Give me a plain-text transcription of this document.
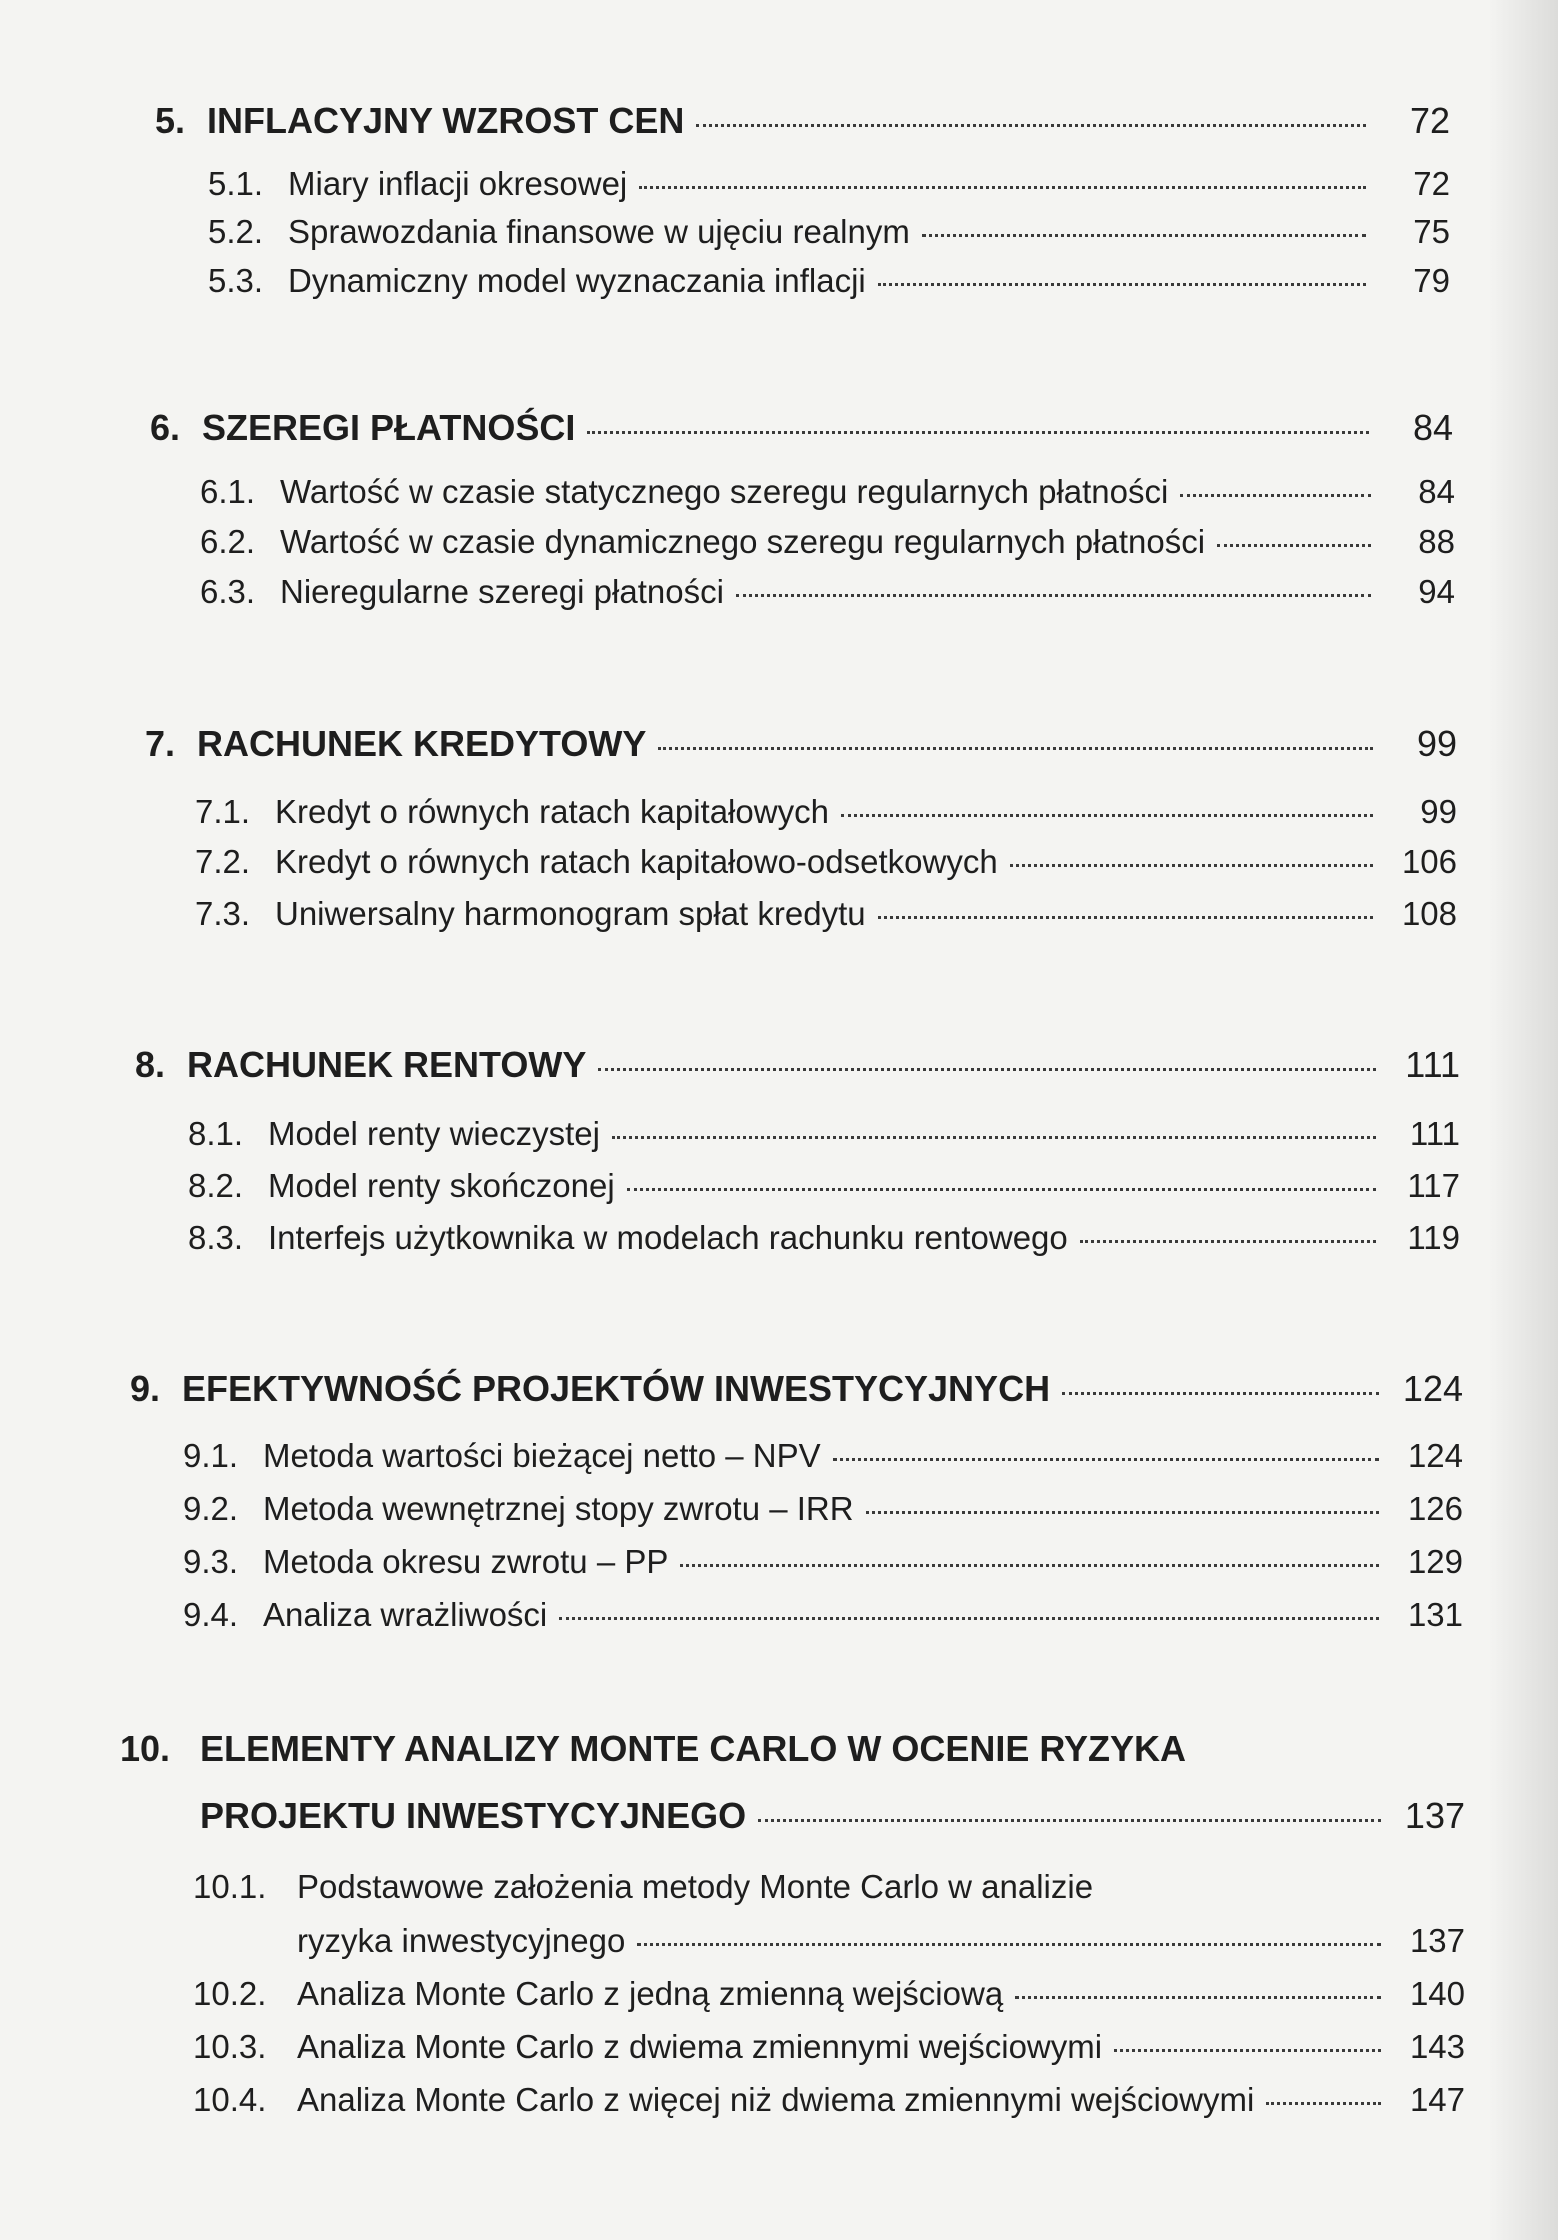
5. INFLACYJNY WZROST CEN	72
5.1. Miary inflacji okresowej	72
5.2. Sprawozdania finansowe w ujęciu realnym	75
5.3. Dynamiczny model wyznaczania inflacji	79
6. SZEREGI PŁATNOŚCI	84
6.1. Wartość w czasie statycznego szeregu regularnych płatności	84
6.2. Wartość w czasie dynamicznego szeregu regularnych płatności	88
6.3. Nieregularne szeregi płatności	94
7. RACHUNEK KREDYTOWY	99
7.1. Kredyt o równych ratach kapitałowych	99
7.2. Kredyt o równych ratach kapitałowo-odsetkowych	106
7.3. Uniwersalny harmonogram spłat kredytu	108
8. RACHUNEK RENTOWY	111
8.1. Model renty wieczystej	111
8.2. Model renty skończonej	117
8.3. Interfejs użytkownika w modelach rachunku rentowego	119
9. EFEKTYWNOŚĆ PROJEKTÓW INWESTYCYJNYCH	124
9.1. Metoda wartości bieżącej netto – NPV	124
9.2. Metoda wewnętrznej stopy zwrotu – IRR	126
9.3. Metoda okresu zwrotu – PP	129
9.4. Analiza wrażliwości	131
10. ELEMENTY ANALIZY MONTE CARLO W OCENIE RYZYKA
PROJEKTU INWESTYCYJNEGO	137
10.1. Podstawowe założenia metody Monte Carlo w analizie
ryzyka inwestycyjnego	137
10.2. Analiza Monte Carlo z jedną zmienną wejściową	140
10.3. Analiza Monte Carlo z dwiema zmiennymi wejściowymi	143
10.4. Analiza Monte Carlo z więcej niż dwiema zmiennymi wejściowymi	147
